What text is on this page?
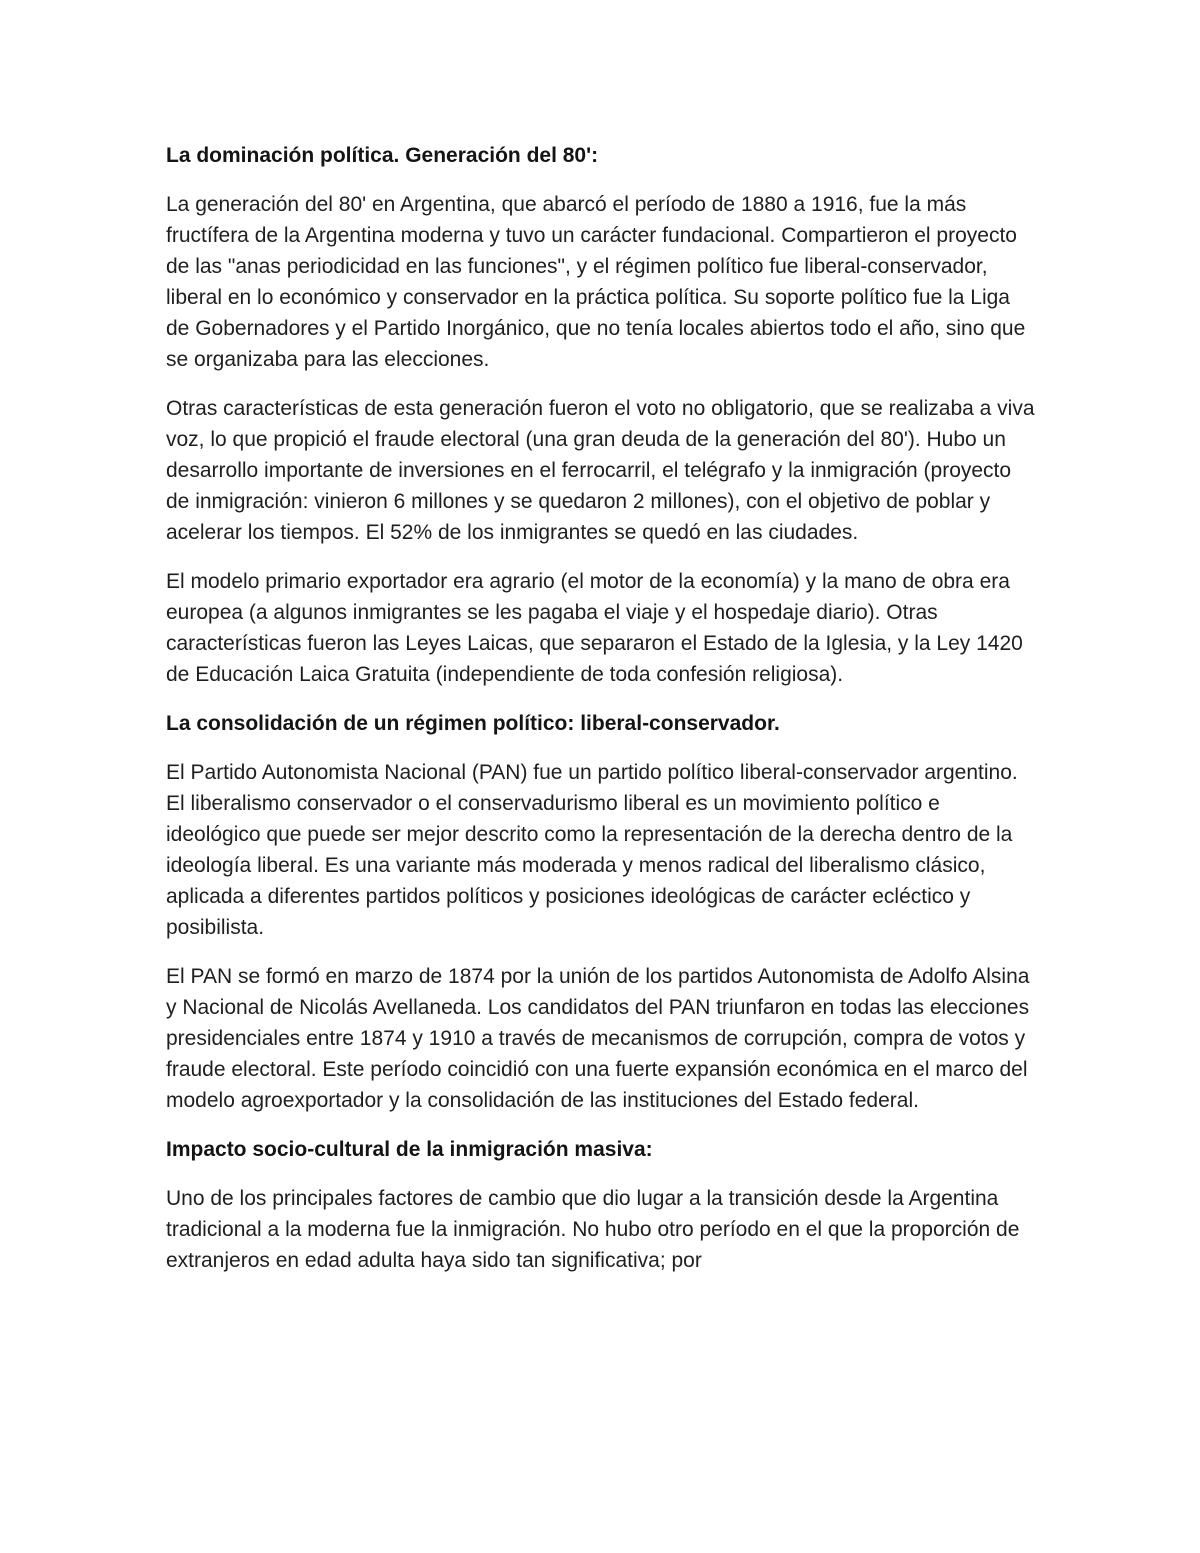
La dominación política. Generación del 80':

La generación del 80' en Argentina, que abarcó el período de 1880 a 1916, fue la más fructífera de la Argentina moderna y tuvo un carácter fundacional. Compartieron el proyecto de las "anas periodicidad en las funciones", y el régimen político fue liberal-conservador, liberal en lo económico y conservador en la práctica política. Su soporte político fue la Liga de Gobernadores y el Partido Inorgánico, que no tenía locales abiertos todo el año, sino que se organizaba para las elecciones.

Otras características de esta generación fueron el voto no obligatorio, que se realizaba a viva voz, lo que propició el fraude electoral (una gran deuda de la generación del 80'). Hubo un desarrollo importante de inversiones en el ferrocarril, el telégrafo y la inmigración (proyecto de inmigración: vinieron 6 millones y se quedaron 2 millones), con el objetivo de poblar y acelerar los tiempos. El 52% de los inmigrantes se quedó en las ciudades.

El modelo primario exportador era agrario (el motor de la economía) y la mano de obra era europea (a algunos inmigrantes se les pagaba el viaje y el hospedaje diario). Otras características fueron las Leyes Laicas, que separaron el Estado de la Iglesia, y la Ley 1420 de Educación Laica Gratuita (independiente de toda confesión religiosa).

La consolidación de un régimen político: liberal-conservador.

El Partido Autonomista Nacional (PAN) fue un partido político liberal-conservador argentino. El liberalismo conservador o el conservadurismo liberal es un movimiento político e ideológico que puede ser mejor descrito como la representación de la derecha dentro de la ideología liberal. Es una variante más moderada y menos radical del liberalismo clásico, aplicada a diferentes partidos políticos y posiciones ideológicas de carácter ecléctico y posibilista.

El PAN se formó en marzo de 1874 por la unión de los partidos Autonomista de Adolfo Alsina y Nacional de Nicolás Avellaneda. Los candidatos del PAN triunfaron en todas las elecciones presidenciales entre 1874 y 1910 a través de mecanismos de corrupción, compra de votos y fraude electoral. Este período coincidió con una fuerte expansión económica en el marco del modelo agroexportador y la consolidación de las instituciones del Estado federal.

Impacto socio-cultural de la inmigración masiva:

Uno de los principales factores de cambio que dio lugar a la transición desde la Argentina tradicional a la moderna fue la inmigración. No hubo otro período en el que la proporción de extranjeros en edad adulta haya sido tan significativa; por
